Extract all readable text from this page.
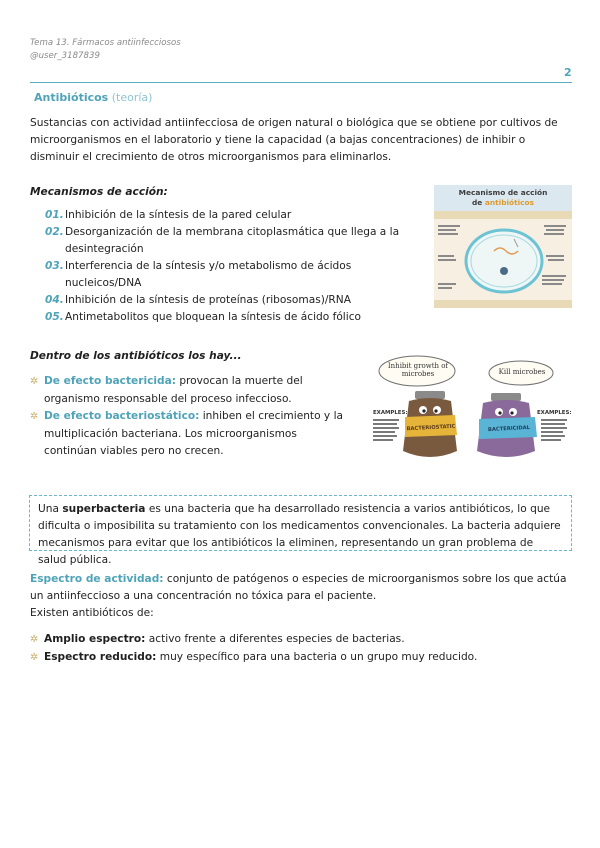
Tema 13. Fármacos antiinfecciosos
@user_3187839
2
Antibióticos (teoría)
Sustancias con actividad antiinfecciosa de origen natural o biológica que se obtiene por cultivos de microorganismos en el laboratorio y tiene la capacidad (a bajas concentraciones) de inhibir o disminuir el crecimiento de otros microorganismos para eliminarlos.
Mecanismos de acción:
01. Inhibición de la síntesis de la pared celular
02. Desorganización de la membrana citoplasmática que llega a la desintegración
03. Interferencia de la síntesis y/o metabolismo de ácidos nucleicos/DNA
04. Inhibición de la síntesis de proteínas (ribosomas)/RNA
05. Antimetabolitos que bloquean la síntesis de ácido fólico
Mecanismo de acción
de antibióticos
Dentro de los antibióticos los hay...
✲ De efecto bactericida: provocan la muerte del organismo responsable del proceso infeccioso.
✲ De efecto bacteriostático: inhiben el crecimiento y la multiplicación bacteriana. Los microorganismos continúan viables pero no crecen.
Inhibit growth of microbes	Kill microbes
EXAMPLES:	EXAMPLES:
BACTERIOSTATIC	BACTERICIDAL
Una superbacteria es una bacteria que ha desarrollado resistencia a varios antibióticos, lo que dificulta o imposibilita su tratamiento con los medicamentos convencionales. La bacteria adquiere mecanismos para evitar que los antibióticos la eliminen, representando un gran problema de salud pública.
Espectro de actividad: conjunto de patógenos o especies de microorganismos sobre los que actúa un antiinfeccioso a una concentración no tóxica para el paciente.
Existen antibióticos de:
✲ Amplio espectro: activo frente a diferentes especies de bacterias.
✲ Espectro reducido: muy específico para una bacteria o un grupo muy reducido.
